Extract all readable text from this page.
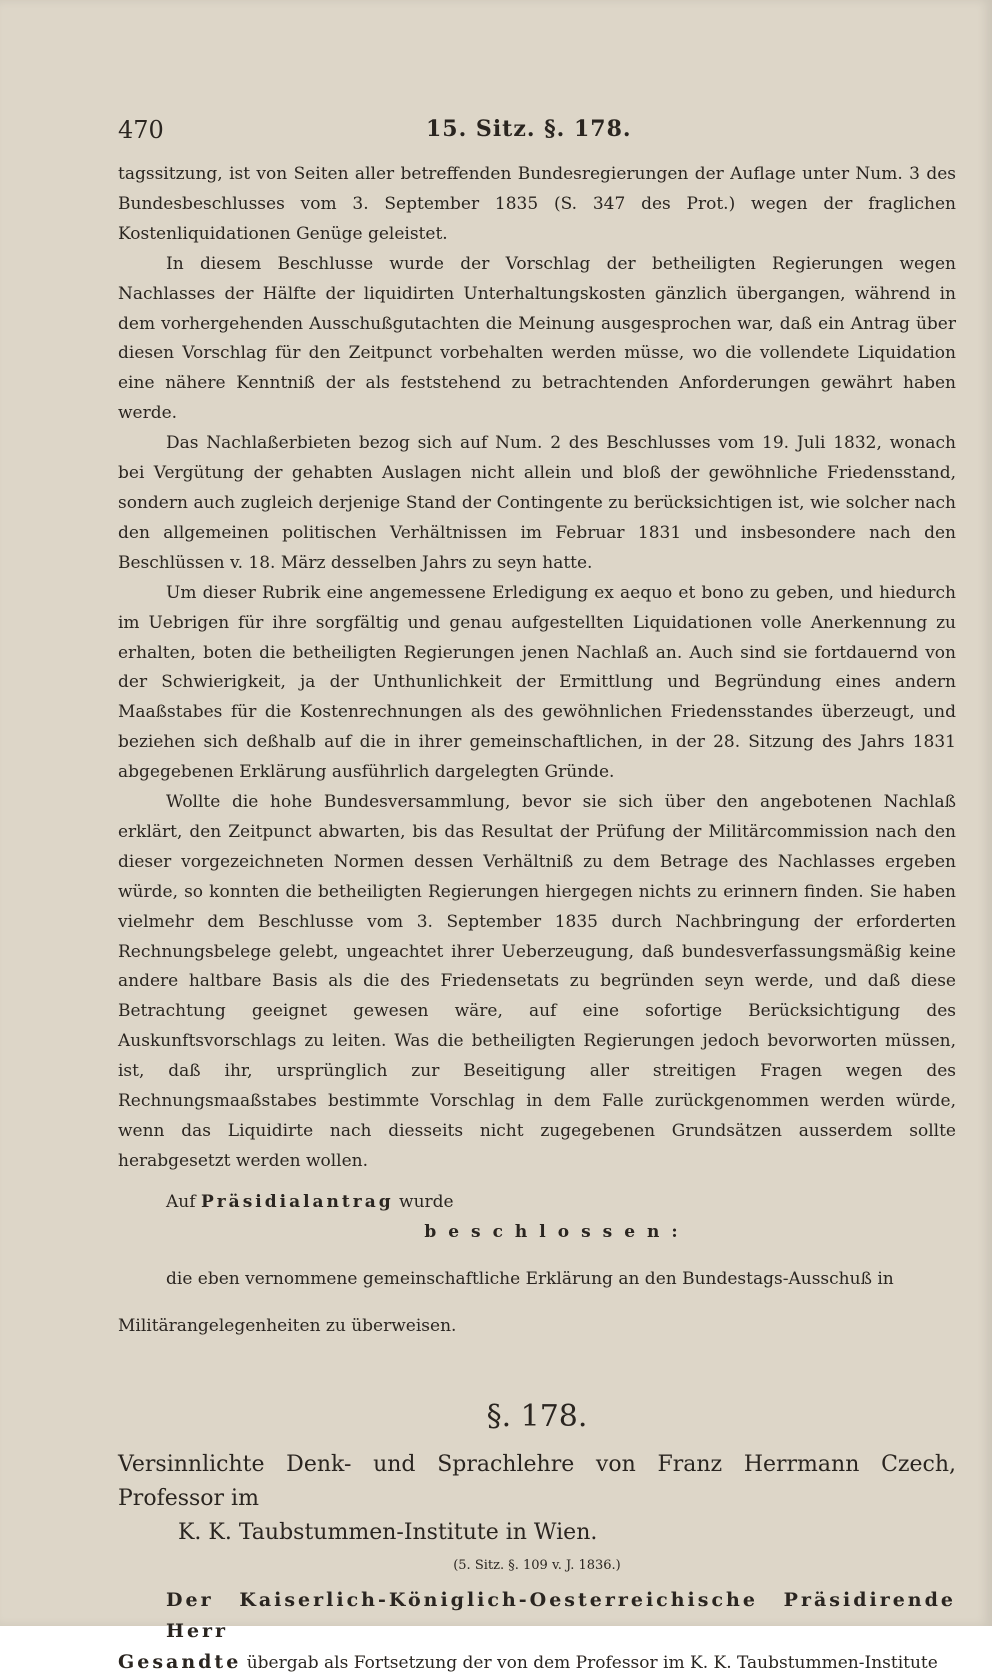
470	15. Sitz. §. 178.

tagssitzung, ist von Seiten aller betreffenden Bundesregierungen der Auflage unter Num. 3 des Bundesbeschlusses vom 3. September 1835 (S. 347 des Prot.) wegen der fraglichen Kostenliquidationen Genüge geleistet.

In diesem Beschlusse wurde der Vorschlag der betheiligten Regierungen wegen Nachlasses der Hälfte der liquidirten Unterhaltungskosten gänzlich übergangen, während in dem vorhergehenden Ausschußgutachten die Meinung ausgesprochen war, daß ein Antrag über diesen Vorschlag für den Zeitpunct vorbehalten werden müsse, wo die vollendete Liquidation eine nähere Kenntniß der als feststehend zu betrachtenden Anforderungen gewährt haben werde.

Das Nachlaßerbieten bezog sich auf Num. 2 des Beschlusses vom 19. Juli 1832, wonach bei Vergütung der gehabten Auslagen nicht allein und bloß der gewöhnliche Friedensstand, sondern auch zugleich derjenige Stand der Contingente zu berücksichtigen ist, wie solcher nach den allgemeinen politischen Verhältnissen im Februar 1831 und insbesondere nach den Beschlüssen v. 18. März desselben Jahrs zu seyn hatte.

Um dieser Rubrik eine angemessene Erledigung ex aequo et bono zu geben, und hiedurch im Uebrigen für ihre sorgfältig und genau aufgestellten Liquidationen volle Anerkennung zu erhalten, boten die betheiligten Regierungen jenen Nachlaß an. Auch sind sie fortdauernd von der Schwierigkeit, ja der Unthunlichkeit der Ermittlung und Begründung eines andern Maaßstabes für die Kostenrechnungen als des gewöhnlichen Friedensstandes überzeugt, und beziehen sich deßhalb auf die in ihrer gemeinschaftlichen, in der 28. Sitzung des Jahrs 1831 abgegebenen Erklärung ausführlich dargelegten Gründe.

Wollte die hohe Bundesversammlung, bevor sie sich über den angebotenen Nachlaß erklärt, den Zeitpunct abwarten, bis das Resultat der Prüfung der Militärcommission nach den dieser vorgezeichneten Normen dessen Verhältniß zu dem Betrage des Nachlasses ergeben würde, so konnten die betheiligten Regierungen hiergegen nichts zu erinnern finden. Sie haben vielmehr dem Beschlusse vom 3. September 1835 durch Nachbringung der erforderten Rechnungsbelege gelebt, ungeachtet ihrer Ueberzeugung, daß bundesverfassungsmäßig keine andere haltbare Basis als die des Friedensetats zu begründen seyn werde, und daß diese Betrachtung geeignet gewesen wäre, auf eine sofortige Berücksichtigung des Auskunftsvorschlags zu leiten. Was die betheiligten Regierungen jedoch bevorworten müssen, ist, daß ihr, ursprünglich zur Beseitigung aller streitigen Fragen wegen des Rechnungsmaaßstabes bestimmte Vorschlag in dem Falle zurückgenommen werden würde, wenn das Liquidirte nach diesseits nicht zugegebenen Grundsätzen ausserdem sollte herabgesetzt werden wollen.

Auf Präsidialantrag wurde
beschlossen:

die eben vernommene gemeinschaftliche Erklärung an den Bundestags-Ausschuß in

Militärangelegenheiten zu überweisen.

§. 178.

Versinnlichte Denk- und Sprachlehre von Franz Herrmann Czech, Professor im

K. K. Taubstummen-Institute in Wien.

(5. Sitz. §. 109 v. J. 1836.)

Der Kaiserlich-Königlich-Oesterreichische Präsidirende Herr

Gesandte übergab als Fortsetzung der von dem Professor im K. K. Taubstummen-Institute
